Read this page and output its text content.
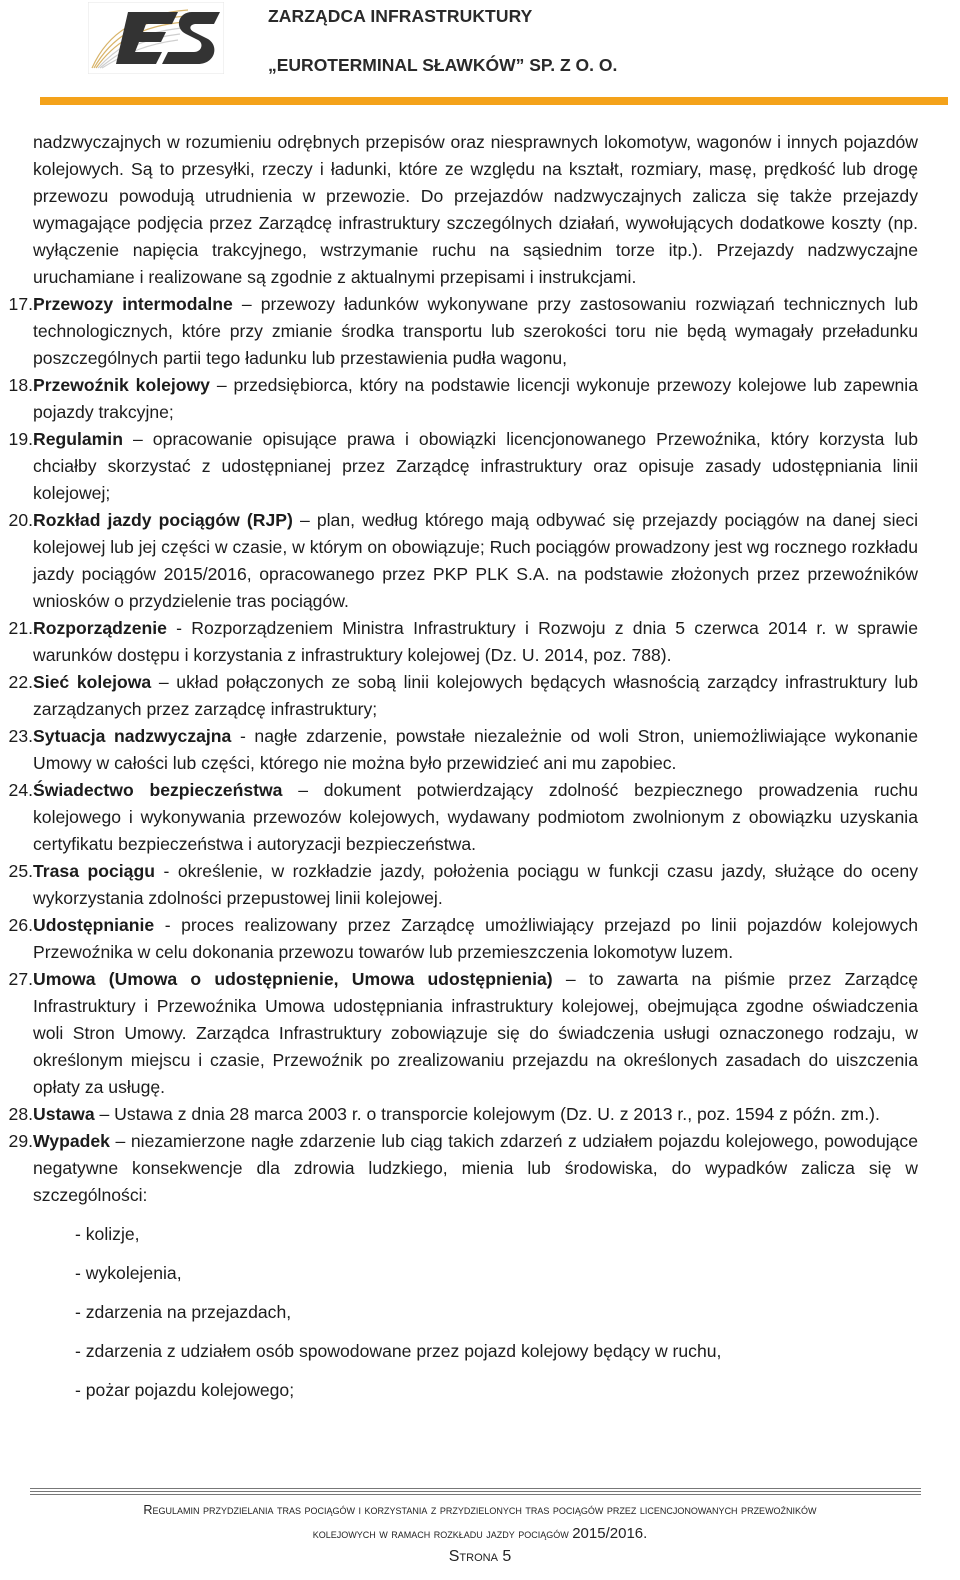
ZARZĄDCA INFRASTRUKTURY
„EUROTERMINAL SŁAWKÓW” SP. Z O. O.

nadzwyczajnych w rozumieniu odrębnych przepisów oraz niesprawnych lokomotyw, wagonów i innych pojazdów kolejowych. Są to przesyłki, rzeczy i ładunki, które ze względu na kształt, rozmiary, masę, prędkość lub drogę przewozu powodują utrudnienia w przewozie. Do przejazdów nadzwyczajnych zalicza się także przejazdy wymagające podjęcia przez Zarządcę infrastruktury szczególnych działań, wywołujących dodatkowe koszty (np. wyłączenie napięcia trakcyjnego, wstrzymanie ruchu na sąsiednim torze itp.). Przejazdy nadzwyczajne uruchamiane i realizowane są zgodnie z aktualnymi przepisami i instrukcjami.

17. Przewozy intermodalne – przewozy ładunków wykonywane przy zastosowaniu rozwiązań technicznych lub technologicznych, które przy zmianie środka transportu lub szerokości toru nie będą wymagały przeładunku poszczególnych partii tego ładunku lub przestawienia pudła wagonu,
18. Przewoźnik kolejowy – przedsiębiorca, który na podstawie licencji wykonuje przewozy kolejowe lub zapewnia pojazdy trakcyjne;
19. Regulamin – opracowanie opisujące prawa i obowiązki licencjonowanego Przewoźnika, który korzysta lub chciałby skorzystać z udostępnianej przez Zarządcę infrastruktury oraz opisuje zasady udostępniania linii kolejowej;
20. Rozkład jazdy pociągów (RJP) – plan, według którego mają odbywać się przejazdy pociągów na danej sieci kolejowej lub jej części w czasie, w którym on obowiązuje; Ruch pociągów prowadzony jest wg rocznego rozkładu jazdy pociągów 2015/2016, opracowanego przez PKP PLK S.A. na podstawie złożonych przez przewoźników wniosków o przydzielenie tras pociągów.
21. Rozporządzenie - Rozporządzeniem Ministra Infrastruktury i Rozwoju z dnia 5 czerwca 2014 r. w sprawie warunków dostępu i korzystania z infrastruktury kolejowej (Dz. U. 2014, poz. 788).
22. Sieć kolejowa – układ połączonych ze sobą linii kolejowych będących własnością zarządcy infrastruktury lub zarządzanych przez zarządcę infrastruktury;
23. Sytuacja nadzwyczajna - nagłe zdarzenie, powstałe niezależnie od woli Stron, uniemożliwiające wykonanie Umowy w całości lub części, którego nie można było przewidzieć ani mu zapobiec.
24. Świadectwo bezpieczeństwa – dokument potwierdzający zdolność bezpiecznego prowadzenia ruchu kolejowego i wykonywania przewozów kolejowych, wydawany podmiotom zwolnionym z obowiązku uzyskania certyfikatu bezpieczeństwa i autoryzacji bezpieczeństwa.
25. Trasa pociągu - określenie, w rozkładzie jazdy, położenia pociągu w funkcji czasu jazdy, służące do oceny wykorzystania zdolności przepustowej linii kolejowej.
26. Udostępnianie - proces realizowany przez Zarządcę umożliwiający przejazd po linii pojazdów kolejowych Przewoźnika w celu dokonania przewozu towarów lub przemieszczenia lokomotyw luzem.
27. Umowa (Umowa o udostępnienie, Umowa udostępnienia) – to zawarta na piśmie przez Zarządcę Infrastruktury i Przewoźnika Umowa udostępniania infrastruktury kolejowej, obejmująca zgodne oświadczenia woli Stron Umowy. Zarządca Infrastruktury zobowiązuje się do świadczenia usługi oznaczonego rodzaju, w określonym miejscu i czasie, Przewoźnik po zrealizowaniu przejazdu na określonych zasadach do uiszczenia opłaty za usługę.
28. Ustawa – Ustawa z dnia 28 marca 2003 r. o transporcie kolejowym (Dz. U. z 2013 r., poz. 1594 z późn. zm.).
29. Wypadek – niezamierzone nagłe zdarzenie lub ciąg takich zdarzeń z udziałem pojazdu kolejowego, powodujące negatywne konsekwencje dla zdrowia ludzkiego, mienia lub środowiska, do wypadków zalicza się w szczególności:
- kolizje,
- wykolejenia,
- zdarzenia na przejazdach,
- zdarzenia z udziałem osób spowodowane przez pojazd kolejowy będący w ruchu,
- pożar pojazdu kolejowego;
Regulamin przydzielania tras pociągów i korzystania z przydzielonych tras pociągów przez licencjonowanych przewoźników
kolejowych w ramach rozkładu jazdy pociągów 2015/2016.
Strona 5
